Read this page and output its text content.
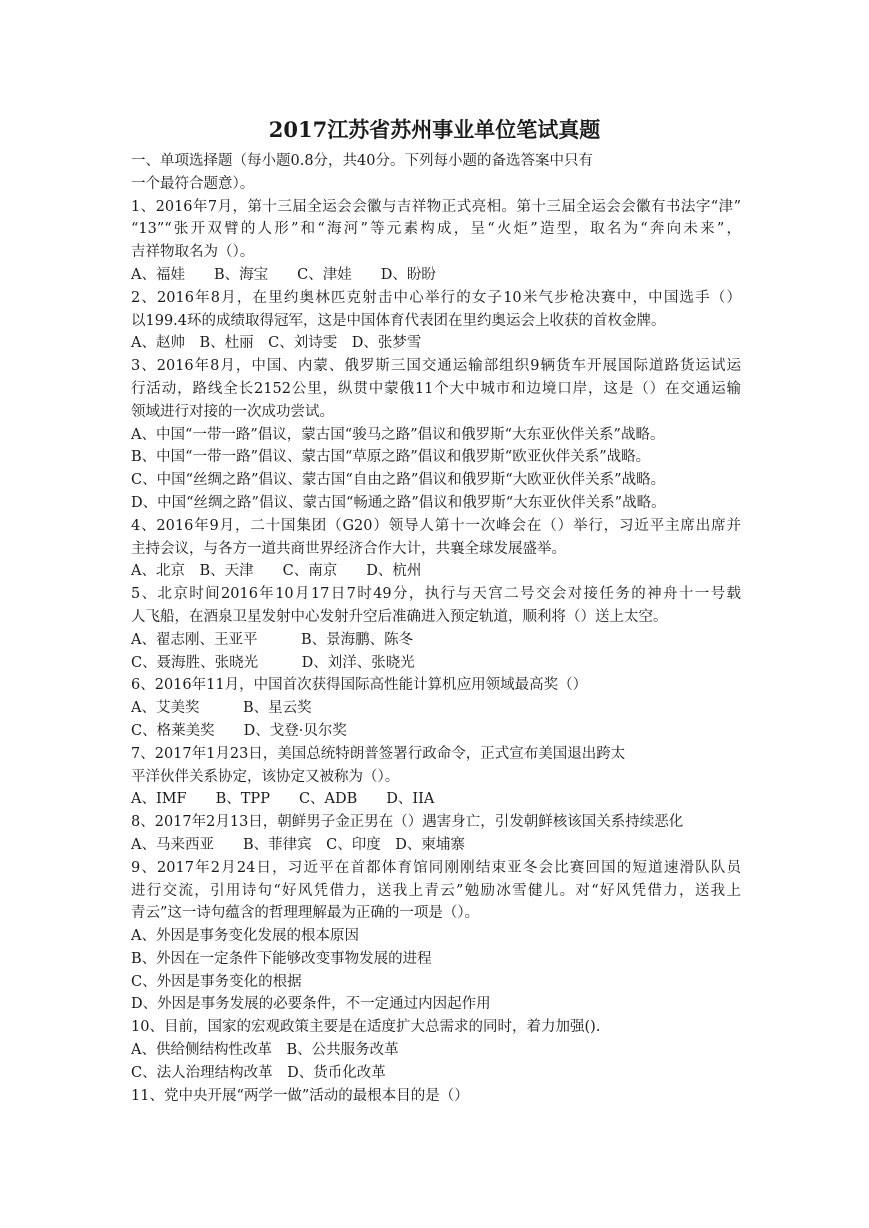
2017江苏省苏州事业单位笔试真题
一、单项选择题（每小题0.8分，共40分。下列每小题的备选答案中只有
一个最符合题意）。
1、2016年7月，第十三届全运会会徽与吉祥物正式亮相。第十三届全运会会徽有书法字“津”
“13”“张开双臂的人形”和“海河”等元素构成，呈“火炬”造型，取名为“奔向未来”，
吉祥物取名为（）。
A、福娃　　B、海宝　　C、津娃　　D、盼盼
2、2016年8月，在里约奥林匹克射击中心举行的女子10米气步枪决赛中，中国选手（）
以199.4环的成绩取得冠军，这是中国体育代表团在里约奥运会上收获的首枚金牌。
A、赵帅　B、杜丽　C、刘诗雯　D、张梦雪
3、2016年8月，中国、内蒙、俄罗斯三国交通运输部组织9辆货车开展国际道路货运试运
行活动，路线全长2152公里，纵贯中蒙俄11个大中城市和边境口岸，这是（）在交通运输
领域进行对接的一次成功尝试。
A、中国“一带一路”倡议，蒙古国“骏马之路”倡议和俄罗斯“大东亚伙伴关系”战略。
B、中国“一带一路”倡议、蒙古国“草原之路”倡议和俄罗斯“欧亚伙伴关系”战略。
C、中国“丝绸之路”倡议、蒙古国“自由之路”倡议和俄罗斯“大欧亚伙伴关系”战略。
D、中国“丝绸之路”倡议、蒙古国“畅通之路”倡议和俄罗斯“大东亚伙伴关系”战略。
4、2016年9月，二十国集团（G20）领导人第十一次峰会在（）举行，习近平主席出席并
主持会议，与各方一道共商世界经济合作大计，共襄全球发展盛举。
A、北京　B、天津　　C、南京　　D、杭州
5、北京时间2016年10月17日7时49分，执行与天宫二号交会对接任务的神舟十一号载
人飞船，在酒泉卫星发射中心发射升空后准确进入预定轨道，顺利将（）送上太空。
A、翟志刚、王亚平　　　B、景海鹏、陈冬
C、聂海胜、张晓光　　　D、刘洋、张晓光
6、2016年11月，中国首次获得国际高性能计算机应用领域最高奖（）
A、艾美奖　　　B、星云奖
C、格莱美奖　　D、戈登·贝尔奖
7、2017年1月23日，美国总统特朗普签署行政命令，正式宣布美国退出跨太
平洋伙伴关系协定，该协定又被称为（）。
A、IMF　　B、TPP　　C、ADB　　D、IIA
8、2017年2月13日，朝鲜男子金正男在（）遇害身亡，引发朝鲜核该国关系持续恶化
A、马来西亚　　B、菲律宾　C、印度　D、柬埔寨
9、2017年2月24日，习近平在首都体育馆同刚刚结束亚冬会比赛回国的短道速滑队队员
进行交流，引用诗句“好风凭借力，送我上青云”勉励冰雪健儿。对“好风凭借力，送我上
青云”这一诗句蕴含的哲理理解最为正确的一项是（）。
A、外因是事务变化发展的根本原因
B、外因在一定条件下能够改变事物发展的进程
C、外因是事务变化的根据
D、外因是事务发展的必要条件，不一定通过内因起作用
10、目前，国家的宏观政策主要是在适度扩大总需求的同时，着力加强().
A、供给侧结构性改革　B、公共服务改革
C、法人治理结构改革　D、货币化改革
11、党中央开展“两学一做”活动的最根本目的是（）
